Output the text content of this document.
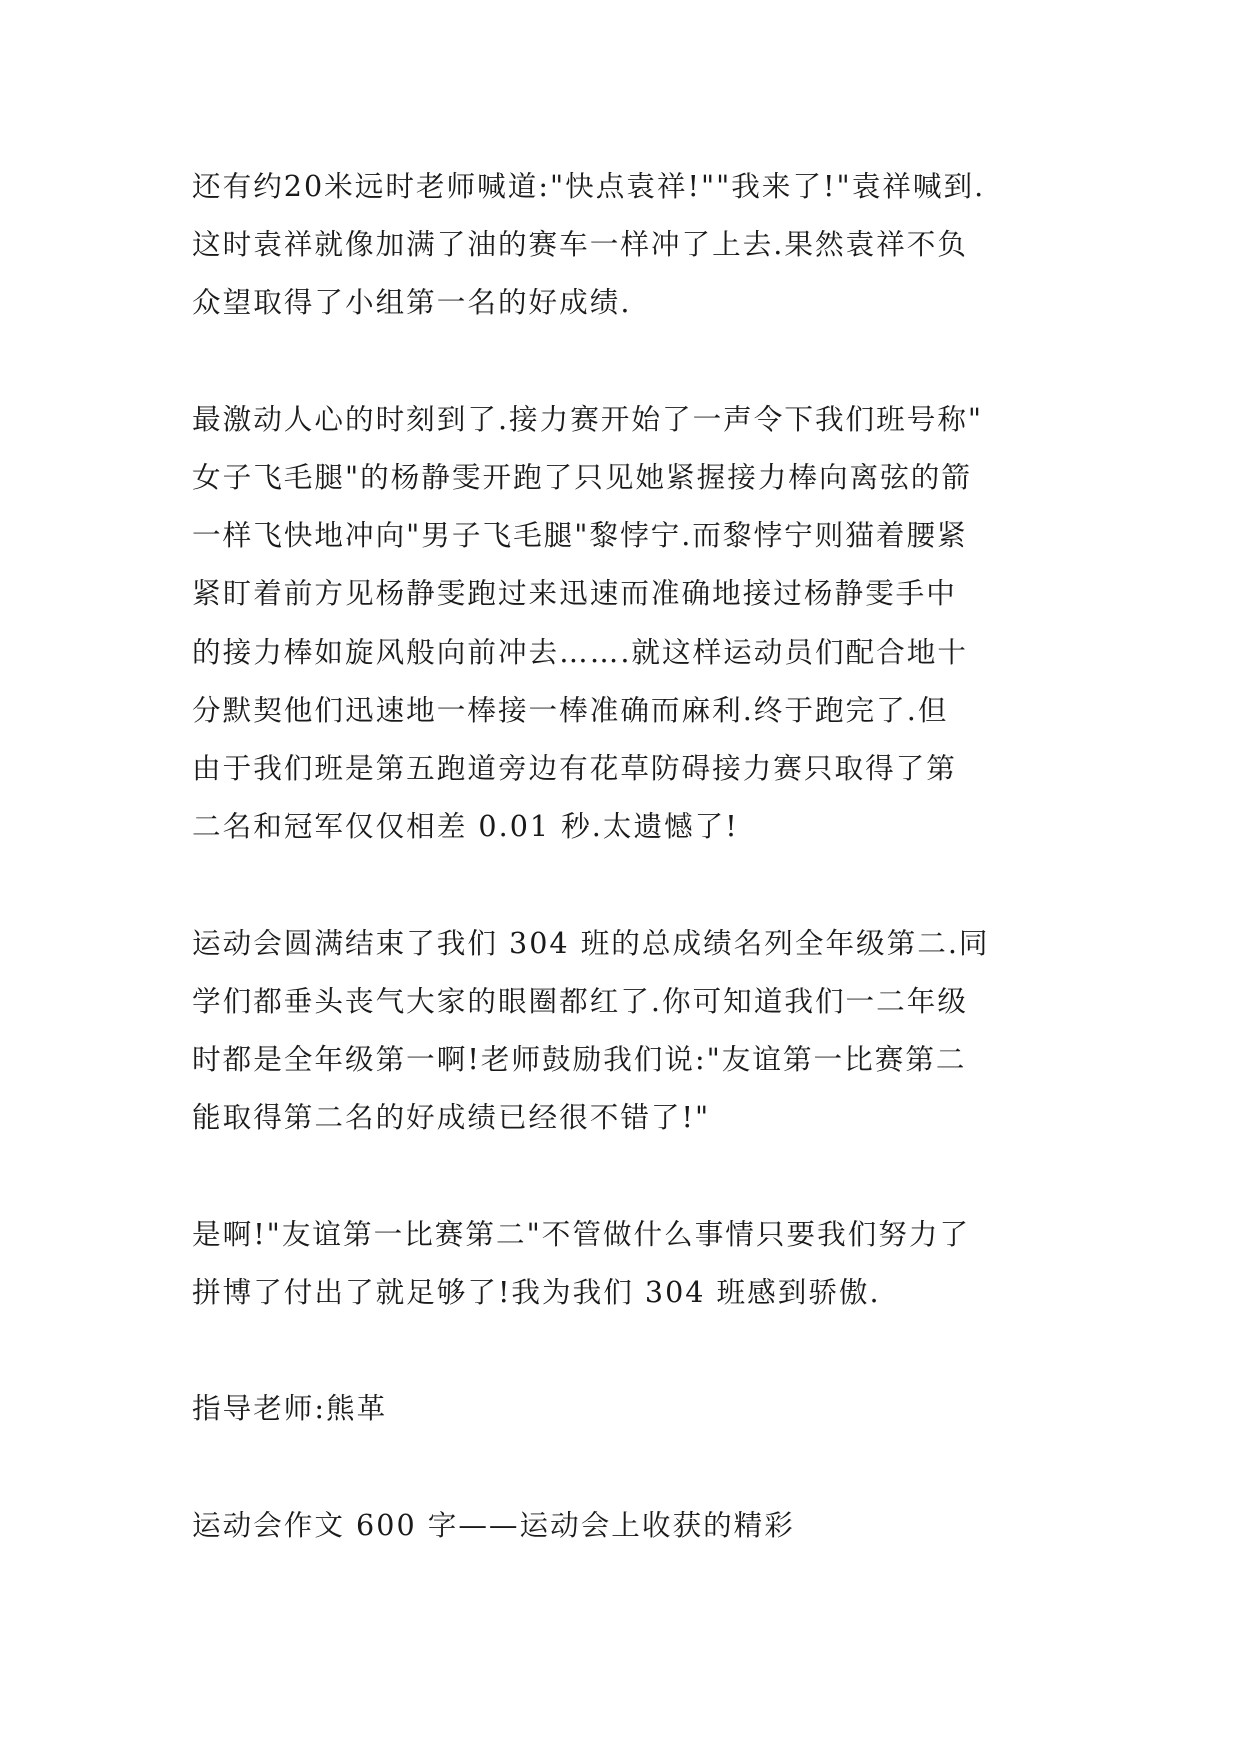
还有约20米远时老师喊道:"快点袁祥!""我来了!"袁祥喊到.
这时袁祥就像加满了油的赛车一样冲了上去.果然袁祥不负
众望取得了小组第一名的好成绩.

最激动人心的时刻到了.接力赛开始了一声令下我们班号称"
女子飞毛腿"的杨静雯开跑了只见她紧握接力棒向离弦的箭
一样飞快地冲向"男子飞毛腿"黎悖宁.而黎悖宁则猫着腰紧
紧盯着前方见杨静雯跑过来迅速而准确地接过杨静雯手中
的接力棒如旋风般向前冲去…….就这样运动员们配合地十
分默契他们迅速地一棒接一棒准确而麻利.终于跑完了.但
由于我们班是第五跑道旁边有花草防碍接力赛只取得了第
二名和冠军仅仅相差 0.01 秒.太遗憾了!

运动会圆满结束了我们 304 班的总成绩名列全年级第二.同
学们都垂头丧气大家的眼圈都红了.你可知道我们一二年级
时都是全年级第一啊!老师鼓励我们说:"友谊第一比赛第二
能取得第二名的好成绩已经很不错了!"

是啊!"友谊第一比赛第二"不管做什么事情只要我们努力了
拼博了付出了就足够了!我为我们 304 班感到骄傲.

指导老师:熊革

运动会作文 600 字——运动会上收获的精彩
